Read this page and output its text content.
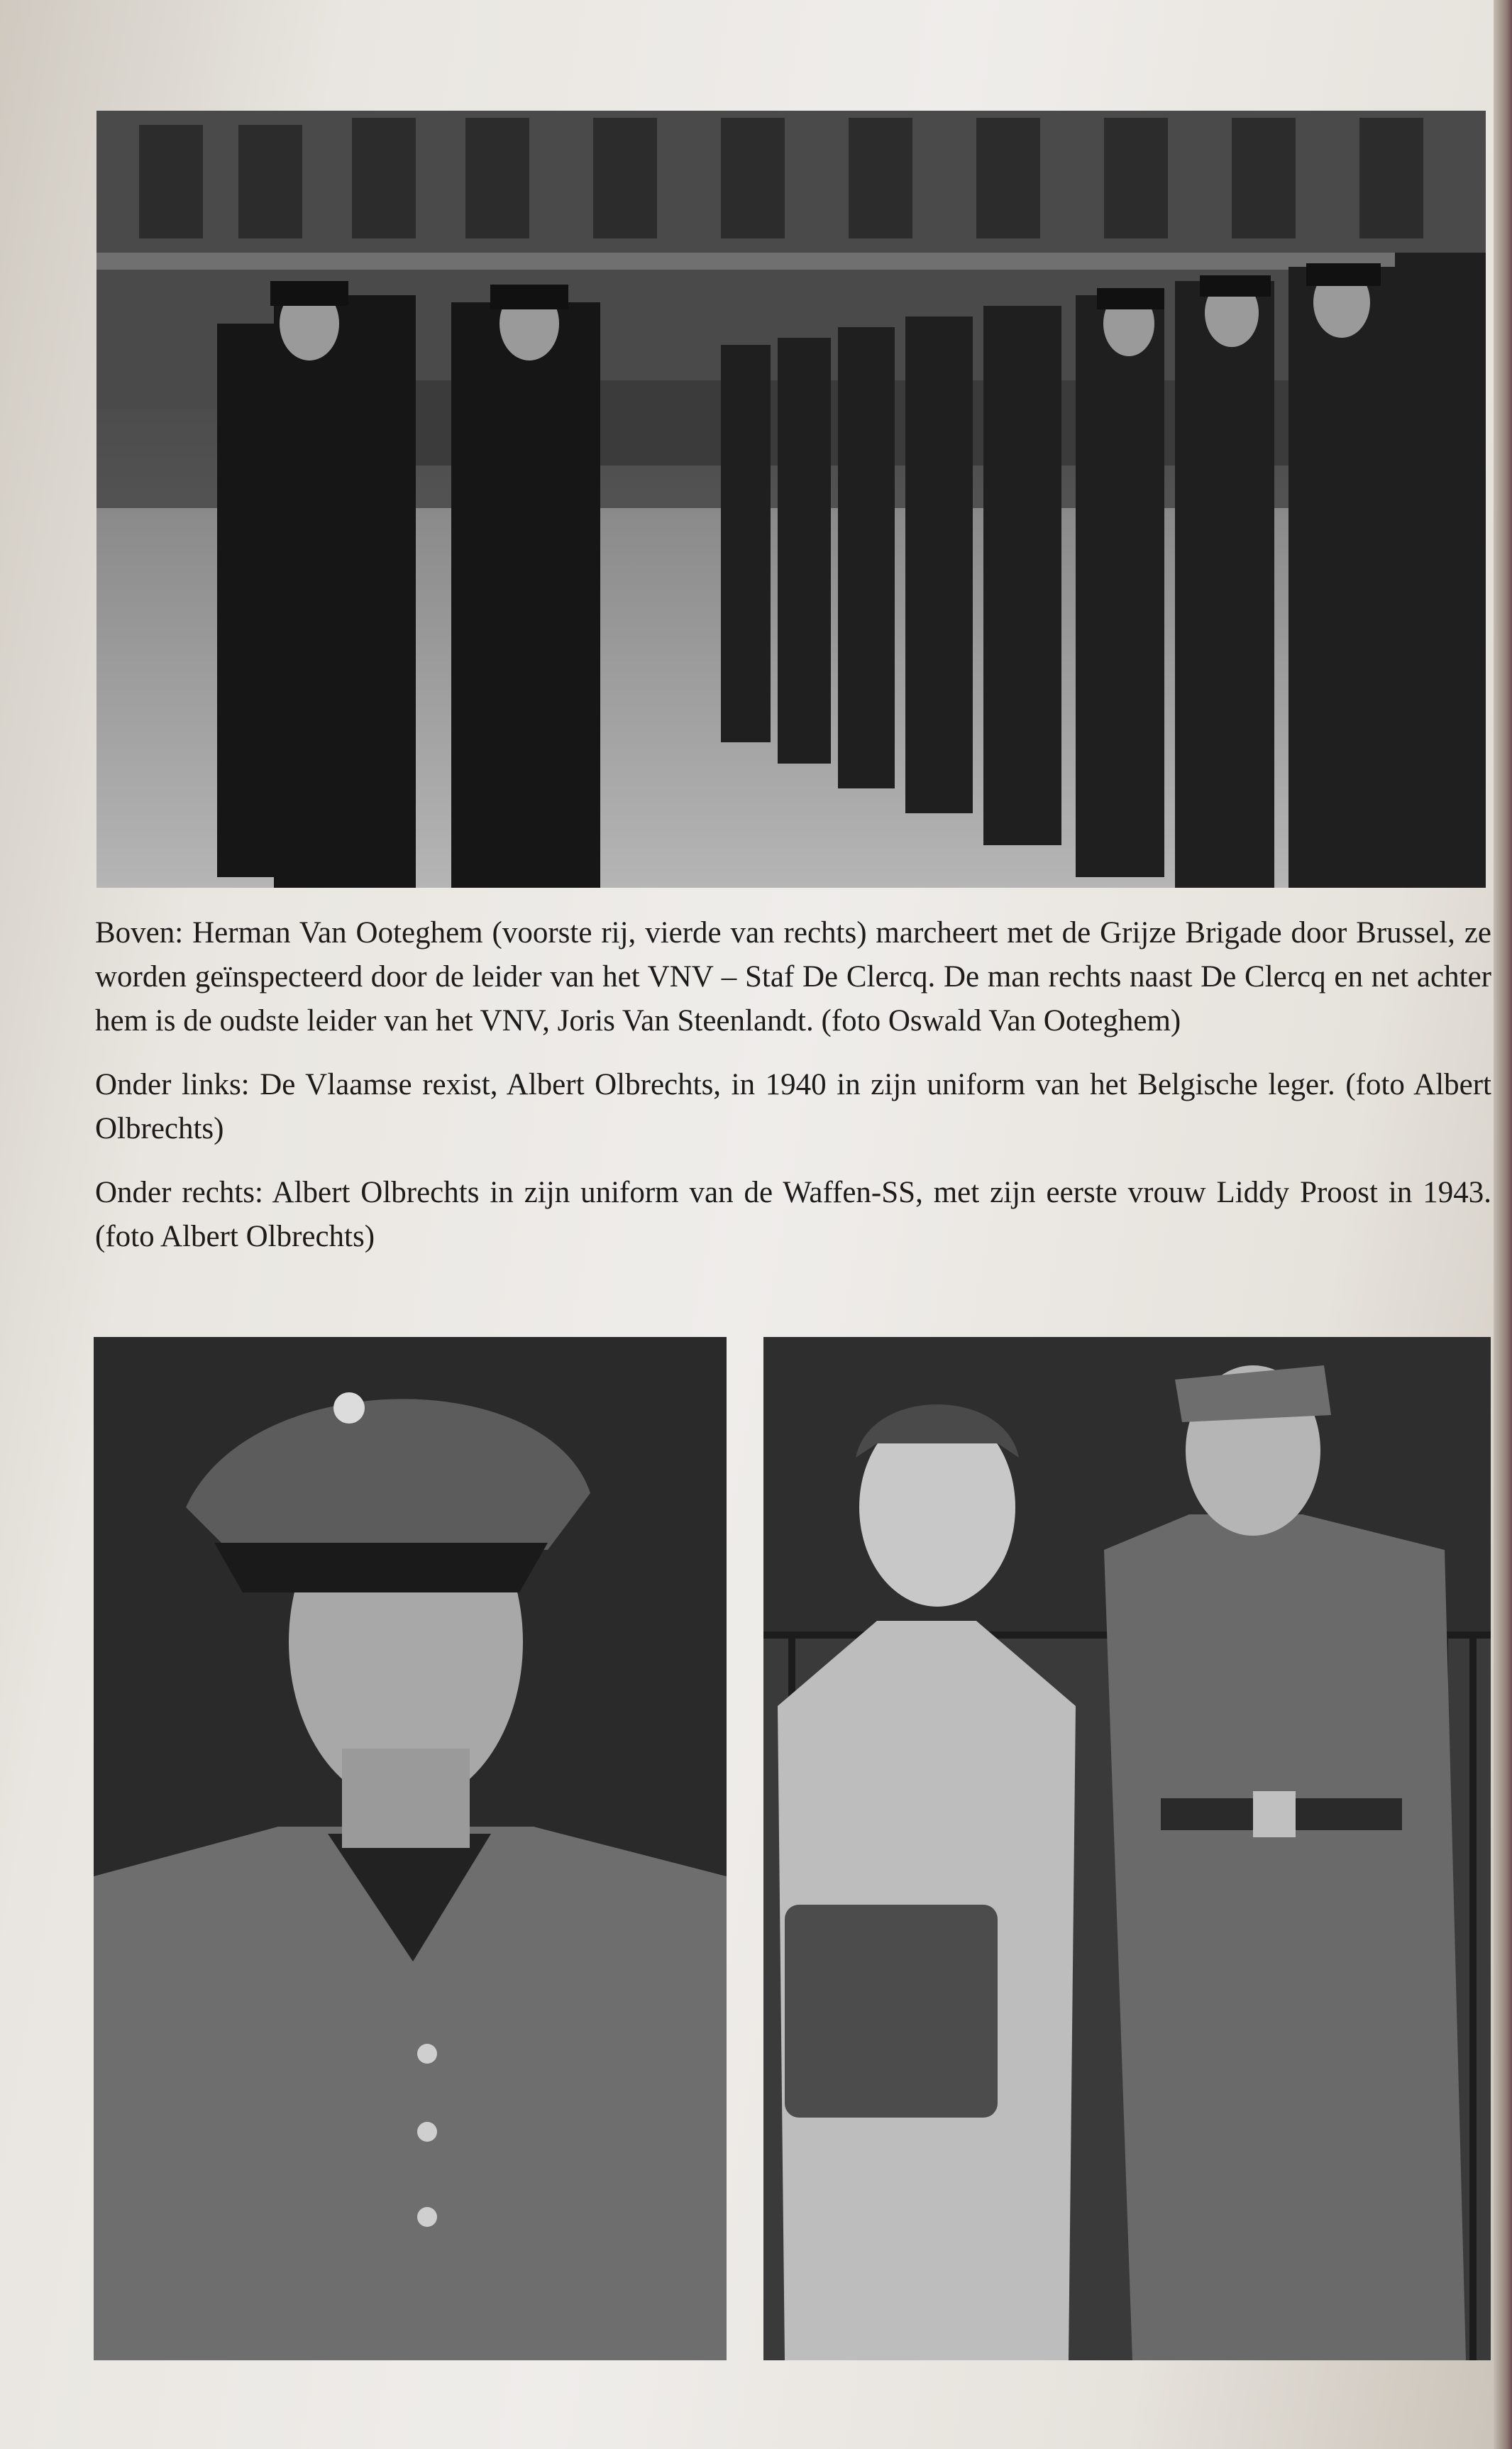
Boven: Herman Van Ooteghem (voorste rij, vierde van rechts) marcheert met de Grijze Brigade door Brussel, ze worden geïnspecteerd door de leider van het VNV – Staf De Clercq. De man rechts naast De Clercq en net achter hem is de oudste leider van het VNV, Joris Van Steenlandt. (foto Oswald Van Ooteghem)

Onder links: De Vlaamse rexist, Albert Olbrechts, in 1940 in zijn uniform van het Belgische leger. (foto Albert Olbrechts)

Onder rechts: Albert Olbrechts in zijn uniform van de Waffen-SS, met zijn eerste vrouw Liddy Proost in 1943. (foto Albert Olbrechts)
